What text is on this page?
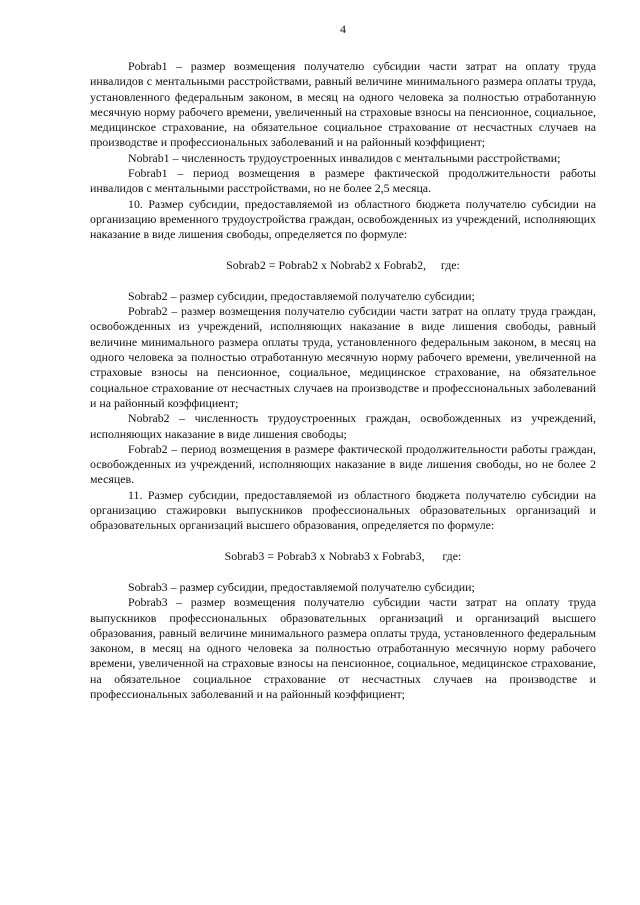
4

Pobrab1 – размер возмещения получателю субсидии части затрат на оплату труда инвалидов с ментальными расстройствами, равный величине минимального размера оплаты труда, установленного федеральным законом, в месяц на одного человека за полностью отработанную месячную норму рабочего времени, увеличенный на страховые взносы на пенсионное, социальное, медицинское страхование, на обязательное социальное страхование от несчастных случаев на производстве и профессиональных заболеваний и на районный коэффициент;

Nobrab1 – численность трудоустроенных инвалидов с ментальными расстройствами;

Fobrab1 – период возмещения в размере фактической продолжительности работы инвалидов с ментальными расстройствами, но не более 2,5 месяца.

10. Размер субсидии, предоставляемой из областного бюджета получателю субсидии на организацию временного трудоустройства граждан, освобожденных из учреждений, исполняющих наказание в виде лишения свободы, определяется по формуле:

Sobrab2 = Pobrab2 x Nobrab2 x Fobrab2,     где:

Sobrab2 – размер субсидии, предоставляемой получателю субсидии;

Pobrab2 – размер возмещения получателю субсидии части затрат на оплату труда граждан, освобожденных из учреждений, исполняющих наказание в виде лишения свободы, равный величине минимального размера оплаты труда, установленного федеральным законом, в месяц на одного человека за полностью отработанную месячную норму рабочего времени, увеличенной на страховые взносы на пенсионное, социальное, медицинское страхование, на обязательное социальное страхование от несчастных случаев на производстве и профессиональных заболеваний и на районный коэффициент;

Nobrab2 – численность трудоустроенных граждан, освобожденных из учреждений, исполняющих наказание в виде лишения свободы;

Fobrab2 – период возмещения в размере фактической продолжительности работы граждан, освобожденных из учреждений, исполняющих наказание в виде лишения свободы, но не более 2 месяцев.

11. Размер субсидии, предоставляемой из областного бюджета получателю субсидии на организацию стажировки выпускников профессиональных образовательных организаций и образовательных организаций высшего образования, определяется по формуле:

Sobrab3 = Pobrab3 x Nobrab3 x Fobrab3,      где:

Sobrab3 – размер субсидии, предоставляемой получателю субсидии;

Pobrab3 – размер возмещения получателю субсидии части затрат на оплату труда выпускников профессиональных образовательных организаций и организаций высшего образования, равный величине минимального размера оплаты труда, установленного федеральным законом, в месяц на одного человека за полностью отработанную месячную норму рабочего времени, увеличенной на страховые взносы на пенсионное, социальное, медицинское страхование, на обязательное социальное страхование от несчастных случаев на производстве и профессиональных заболеваний и на районный коэффициент;
